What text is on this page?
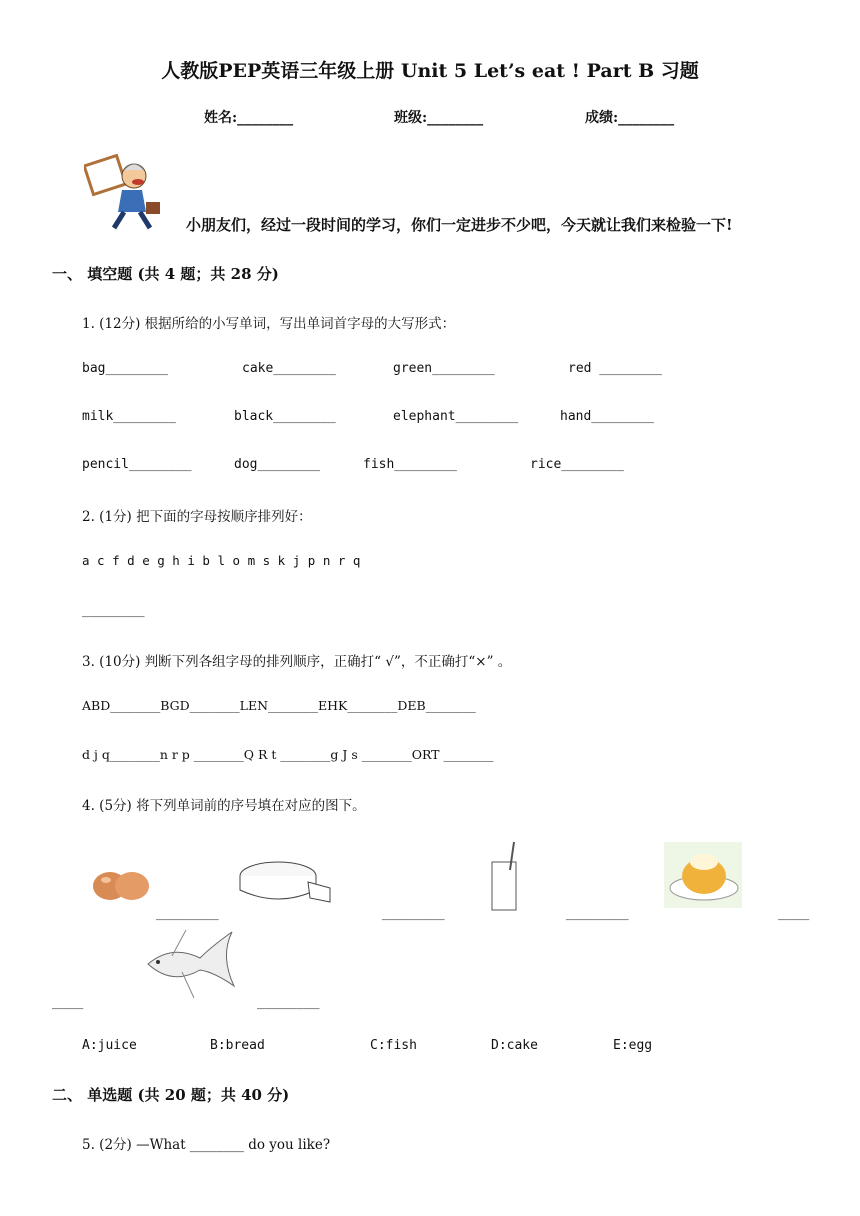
人教版PEP英语三年级上册 Unit 5 Let’s eat ! Part B 习题
姓名:________	班级:________	成绩:________
小朋友们，经过一段时间的学习，你们一定进步不少吧，今天就让我们来检验一下!
一、 填空题 (共 4 题；共 28 分)
1. (12分) 根据所给的小写单词，写出单词首字母的大写形式：
bag________	cake________	green________	red ________
milk________	black________	elephant________	hand________
pencil________	dog________	fish________	rice________
2. (1分) 把下面的字母按顺序排列好：
a c f d e g h i b l o m s k j p n r q
________
3. (10分) 判断下列各组字母的排列顺序，正确打“ √”，不正确打“×” 。
ABD________BGD________LEN________EHK________DEB________
d j q________n r p ________Q R t ________g J s ________ORT ________
4. (5分) 将下列单词前的序号填在对应的图下。
________	________	________	____
____	________
A:juice	B:bread	C:fish	D:cake	E:egg
二、 单选题 (共 20 题；共 40 分)
5. (2分) —What ________ do you like?
